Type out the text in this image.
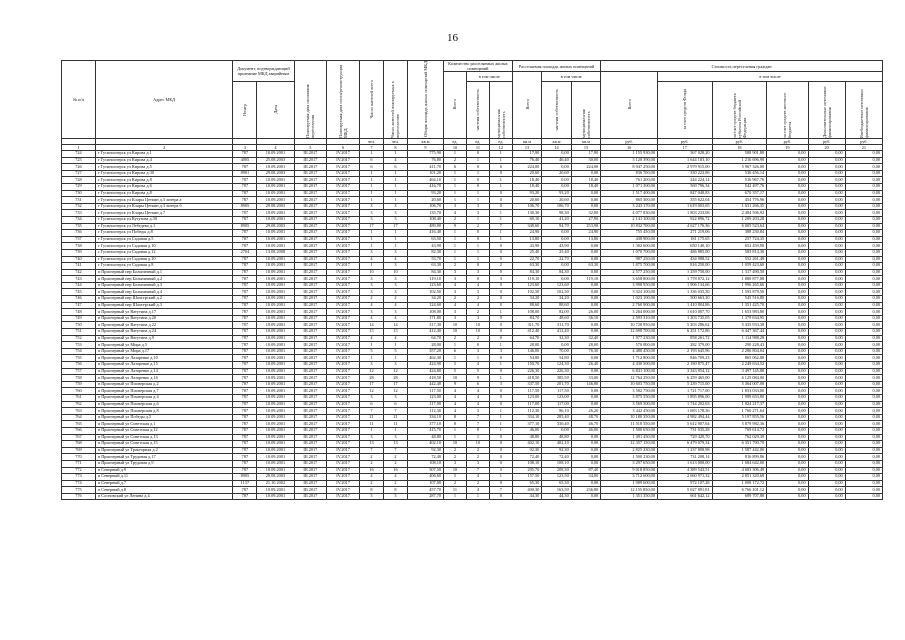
16
№ п/п	Адрес МКД	Документ, подтверждающий признание МКД аварийным		Планируемая дата окончания переселения	Планируемая дата сноса/реконструкции МКД	Число жителей всего	Число жителей планируемых к переселению	Общая площадь жилых помещений МКД	Количество расселяемых жилых помещений			Расселяемая площадь жилых помещений			Стоимость переселения граждан					
									Всего	в том числе		Всего	в том числе		Всего	в том числе				
										частная собственность	муниципальная собственность		частная собственность	муниципальная собственность		за счет средств Фонда	за счет средств бюджета субъекта Российской Федерации	за счет средств местного бюджета	Дополнительные источники финансирования	Внебюджетные источники финансирования
		Номер	Дата																	
						чел.	чел.	кв.м	ед.	ед.	ед.	кв.м	кв.м	кв.м	руб.	руб.	руб.	руб.	руб.	руб.
1	2	3	4	5	6	7	8	9	10	11	12	13	14	15	16	17	18	19	20	21
724	г Гусиноозерск ул Кирова д.1	787	10.09.2001	III.2017	IV.2017	1	1	775,90	1	0	1	17,90	0,00	17,90	1 155 930,00	567 028,20	588 901,80	0,00	0,00	0,00
725	г Гусиноозерск ул Кирова д.4	4005	25.08.2003	III.2017	IV.2017	6	4	76,80	2	1	1	76,40	46,40	30,00	3 120 390,00	1 644 103,10	1 216 696,90	0,00	0,00	0,00
726	г Гусиноозерск ул Кирова д.5	787	10.09.2001	III.2017	IV.2017	6	6	411,70	6	0	6	224,00	0,00	224,00	8 947 250,00	2 979 915,00	5 967 326,00	0,00	0,00	0,00
727	г Гусиноозерск ул Кирова д.30	8901	29.08.2003	III.2017	IV.2017	1	1	101,20	1	1	0	20,60	20,60	0,00	836 700,00	330 223,86	536 456,14	0,00	0,00	0,00
728	г Гусиноозерск ул Кирова д.8	787	10.09.2001	III.2017	IV.2017	1	1	464,10	1	0	1	18,40	0,00	18,40	761 200,00	244 224,14	516 967,76	0,00	0,00	0,00
729	г Гусиноозерск ул Кирова д.6	787	10.09.2001	III.2017	IV.2017	1	1	416,70	1	0	1	18,40	0,00	18,40	1 071 300,00	569 796,34	542 497,76	0,00	0,00	0,00
730	г Гусиноозерск ул Кирова д.8	787	10.09.2001	III.2017	IV.2017	1	1	93,20	1	1	0	93,20	93,20	0,00	1 517 400,00	847 048,83	670 357,17	0,00	0,00	0,00
731	г Гусиноозерск ул Клары Цеткин д.3 литера а	787	10.09.2001	III.2017	IV.2017	1	1	20,60	1	1	0	20,60	20,60	0,00	865 300,00	355 622,04	454 776,96	0,00	0,00	0,00
732	г Гусиноозерск ул Клары Цеткин д.3 литера б	8905	29.08.2003	III.2017	IV.2017	3	3	106,70	3	3	0	106,70	106,70	0,00	3 243 170,00	1 619 003,65	1 631 266,35	0,00	0,00	0,00
733	г Гусиноозерск ул Клары Цеткин д.7	787	10.09.2001	III.2017	IV.2017	3	3	135,70	4	3	1	130,30	98,30	32,00	4 077 830,00	1 803 233,08	2 484 596,92	0,00	0,00	0,00
734	г Гусиноозерск ул Кутузова д.30	787	10.09.2001	III.2017	IV.2017	3	3	108,40	2	1	1	69,10	41,20	27,90	2 141 100,00	922 896,72	1 209 203,28	0,00	0,00	0,00
735	г Гусиноозерск ул Лебедева д.1	8905	29.08.2003	III.2017	IV.2017	17	17	489,90	9	2	7	348,60	94,70	253,90	10 832 700,00	4 627 176,36	6 005 523,64	0,00	0,00	0,00
736	г Гусиноозерск ул Победы д.8	787	10.09.2001	III.2017	IV.2017	1	1	416,40	1	0	1	24,90	0,00	24,90	755 450,00	271 219,06	388 230,84	0,00	0,00	0,00
737	г Гусиноозерск ул Садовая д.5	787	10.09.2001	III.2017	IV.2017	1	1	63,50	1	0	1	13,80	0,00	13,80	438 900,00	181 175,65	257 724,35	0,00	0,00	0,00
738	г Гусиноозерск ул Садовая д.10	787	10.09.2001	III.2017	IV.2017	1	1	43,90	1	1	0	43,90	43,90	0,00	1 302 600,00	650 140,10	652 459,90	0,00	0,00	0,00
739	г Гусиноозерск ул Садовая д.12	2704	13.08.2008	III.2017	IV.2017	3	3	82,30	1	1	0	25,40	25,40	0,00	1 070 700,00	486 885,00	583 814,30	0,00	0,00	0,00
740	г Гусиноозерск ул Садовая д.10	787	10.09.2001	III.2017	IV.2017	4	4	53,70	1	1	0	22,70	22,70	0,00	987 250,00	434 988,52	552 261,48	0,00	0,00	0,00
741	г Гусиноозерск ул Садовая д.8	787	10.09.2001	III.2017	IV.2017	1	3	63,30	2	0	2	63,30	0,00	63,30	1 875 700,00	816 250,00	1 059 423,60	0,00	0,00	0,00
742	п Приозерный пер Больничный д.1	787	10.09.2001	III.2017	IV.2017	10	10	84,30	3	3	0	84,30	84,30	0,00	2 577 250,00	1 259 750,00	1 317 490,50	0,00	0,00	0,00
743	п Приозерный пер Больничный д.2	787	10.09.2001	III.2017	IV.2017	3	3	119,10	3	0	3	119,10	0,00	119,10	3 658 800,00	1 778 072,12	1 880 877,88	0,00	0,00	0,00
744	п Приозерный пер Больничный д.3	787	10.09.2001	III.2017	IV.2017	3	3	123,60	4	4	0	123,60	123,60	0,00	3 998 950,00	1 906 134,66	1 996 265,66	0,00	0,00	0,00
745	п Приозерный пер Больничный д.4	787	10.09.2001	III.2017	IV.2017	3	3	102,50	3	3	0	102,50	102,50	0,00	3 324 100,00	1 336 035,30	1 593 879,50	0,00	0,00	0,00
746	п Приозерный пер Шахтерский д.2	787	10.09.2001	III.2017	IV.2017	2	2	34,20	2	2	0	34,20	34,20	0,00	1 023 100,00	500 663,20	545 516,80	0,00	0,00	0,00
747	п Приозерный пер Шахтерский д.3	787	10.09.2001	III.2017	IV.2017	4	4	124,60	4	4	0	88,60	88,60	0,00	2 760 900,00	1 410 804,86	1 351 425,70	0,00	0,00	0,00
748	п Приозерный ул Ватутина д.17	787	10.09.2001	III.2017	IV.2017	3	3	108,00	3	2	1	108,00	82,00	26,00	3 264 000,00	1 610 007,70	1 653 983,80	0,00	0,00	0,00
749	п Приозерный ул Ватутина д.20	787	10.09.2001	III.2017	IV.2017	4	4	171,80	3	3	0	84,70	48,60	36,10	2 593 310,00	1 203 735,05	1 379 634,95	0,00	0,00	0,00
750	п Приозерный ул Ватутина д.22	787	10.09.2001	III.2017	IV.2017	14	14	317,30	10	10	0	311,70	311,70	0,00	10 728 950,00	5 203 286,62	5 435 933,38	0,00	0,00	0,00
751	п Приозерный ул Ватутина д.24	787	10.09.2001	III.2017	IV.2017	15	15	412,40	10	10	0	412,40	412,40	0,00	12 698 700,00	6 251 172,86	6 447 367,44	0,00	0,00	0,00
752	п Приозерный ул Ватутина д.9	787	10.09.2001	III.2017	IV.2017	4	4	64,70	2	2	0	64,70	32,30	32,40	1 977 230,00	858 261,72	1 114 988,28	0,00	0,00	0,00
753	п Приозерный ул Мира д.5	787	10.09.2001	III.2017	IV.2017	1	1	28,00	1	0	1	28,00	0,00	28,00	570 000,00	282 379,00	290 228,43	0,00	0,00	0,00
754	п Приозерный ул Мира д.17	787	10.09.2001	III.2017	IV.2017	5	5	357,20	6	3	3	146,00	70,00	76,30	4 480 450,00	2 193 645,96	2 286 804,04	0,00	0,00	0,00
755	п Приозерный ул Лазаренко д.10	787	10.09.2001	III.2017	IV.2017	1	1	462,30	1	1	0	54,80	54,80	0,00	1 712 800,00	846 709,23	865 062,88	0,00	0,00	0,00
756	п Приозерный ул Лазаренко д.15	787	10.09.2001	III.2017	IV.2017	3	3	424,90	5	4	1	150,70	124,30	26,40	4 430 500,00	2 180 875,47	2 249 634,52	0,00	0,00	0,00
757	п Приозерный ул Лазаренко д.14	787	10.09.2001	III.2017	IV.2017	12	12	424,80	5	5	0	226,30	226,30	0,00	6 841 100,00	3 343 954,12	3 497 145,88	0,00	0,00	0,00
758	п Приозерный ул Лазаренко д.16	787	10.09.2001	III.2017	IV.2017	28	28	418,50	10	9	1	418,50	385,50	33,00	12 764 250,00	6 259 465,00	6 125 084,00	0,00	0,00	0,00
759	п Приозерный ул Пионерская д.2	787	10.09.2001	III.2017	IV.2017	17	17	442,40	9	6	3	337,50	201,70	146,80	10 603 750,00	5 239 715,00	5 364 007,00	0,00	0,00	0,00
760	п Приозерный ул Пионерская д.7	787	10.09.2001	III.2017	IV.2017	12	12	117,50	4	4	0	117,50	117,50	0,00	3 582 750,00	1 721 717,00	1 853 033,00	0,00	0,00	0,00
761	п Приозерный ул Пионерская д.4	787	10.09.2001	III.2017	IV.2017	3	3	123,00	4	4	0	123,00	123,00	0,00	3 875 550,00	1 895 896,00	1 989 653,80	0,00	0,00	0,00
762	п Приозерный ул Пионерская д.6	787	10.09.2001	III.2017	IV.2017	6	6	117,00	4	4	0	117,00	117,00	0,00	3 569 500,00	1 744 202,63	1 824 217,37	0,00	0,00	0,00
763	п Приозерный ул Пионерская д.8	787	10.09.2001	III.2017	IV.2017	7	7	112,30	4	3	1	112,30	86,10	26,20	3 442 450,00	1 683 178,36	1 760 271,64	0,00	0,00	0,00
764	п Приозерный ул Победы д.5	787	10.09.2001	III.2017	IV.2017	21	21	334,10	8	7	1	334,10	285,40	48,70	10 180 350,00	4 982 494,44	5 197 855,56	0,00	0,00	0,00
765	п Приозерный ул Советская д.1	787	10.09.2001	III.2017	IV.2017	11	11	377,10	8	7	1	377,10	330,40	46,70	11 518 550,00	5 612 907,64	5 879 982,36	0,00	0,00	0,00
766	п Приозерный ул Советская д.12	787	10.09.2001	III.2017	IV.2017	1	1	415,70	1	0	1	46,00	0,00	46,00	1 500 650,00	731 035,28	769 614,72	0,00	0,00	0,00
767	п Приозерный ул Советская д.13	787	10.09.2001	III.2017	IV.2017	3	3	48,80	1	1	0	48,80	48,80	0,00	1 491 450,00	729 420,70	762 029,30	0,00	0,00	0,00
768	п Приозерный ул Советская д.15	787	10.09.2001	III.2017	IV.2017	13	13	402,10	10	10	0	402,10	402,10	0,00	12 357 150,00	6 479 079,34	6 351 790,70	0,00	0,00	0,00
769	п Приозерный ул Тракторная д.2	787	10.09.2001	III.2017	IV.2017	7	7	92,30	2	2	0	92,30	92,30	0,00	2 825 230,00	1 237 808,98	1 587 442,00	0,00	0,00	0,00
770	п Приозерный ул Трудовая д.17	787	10.09.2001	III.2017	IV.2017	2	2	72,40	2	2	0	72,40	72,40	0,00	1 500 230,00	731 208,14	816 899,86	0,00	0,00	0,00
771	п Приозерный ул Трудовая д.9	787	10.09.2001	III.2017	IV.2017	2	2	108,10	3	3	0	108,10	108,10	0,00	3 297 650,00	1 613 008,00	1 684 642,00	0,00	0,00	0,00
772	п Северный д.9	787	18.09.2001	III.2017	IV.2017	16	16	507,50	10	7	3	295,70	208,30	87,40	9 018 850,00	4 389 543,51	4 683 306,49	0,00	0,00	0,00
773	п Северный д.11	8905	29.08.2003	III.2017	IV.2017	4	4	406,60	5	4	1	157,50	123,50	34,00	3 712 600,00	2 660 971,32	2 851 320,68	0,00	0,00	0,00
774	п Северный д.7	1137	21.10.2002	III.2017	IV.2017	2	2	107,00	2	2	0	65,30	65,30	0,00	1 989 600,00	972 107,28	1 008 172,72	0,00	0,00	0,00
775	п Северный д.8	787	10.09.2001	III.2017	IV.2017	8	8	457,70	11	4	7	400,30	163,50	236,80	12 155 850,00	5 027 891,81	6 766 101,12	0,00	0,00	0,00
776	п Сосновский ул Ленина д.4	787	10.09.2001	III.2017	IV.2017	3	3	287,70	1	1	0	44,30	44,30	0,00	1 351 350,00	661 642,12	689 707,88	0,00	0,00	0,00
